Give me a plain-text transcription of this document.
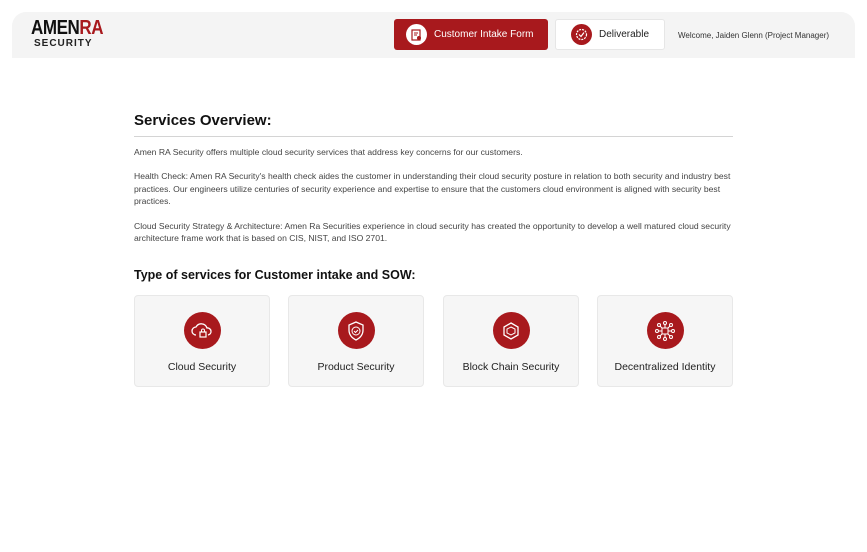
AMENRA
SECURITY
Customer Intake Form	Deliverable	Welcome, Jaiden Glenn (Project Manager)
Services Overview:

Amen RA Security offers multiple cloud security services that address key concerns for our customers.

Health Check: Amen RA Security's health check aides the customer in understanding their cloud security posture in relation to both security and industry best practices. Our engineers utilize centuries of security experience and expertise to ensure that the customers cloud environment is aligned with security best practices.

Cloud Security Strategy & Architecture: Amen Ra Securities experience in cloud security has created the opportunity to develop a well matured cloud security architecture frame work that is based on CIS, NIST, and ISO 2701.

Type of services for Customer intake and SOW:
Cloud Security	Product Security	Block Chain Security	Decentralized Identity
